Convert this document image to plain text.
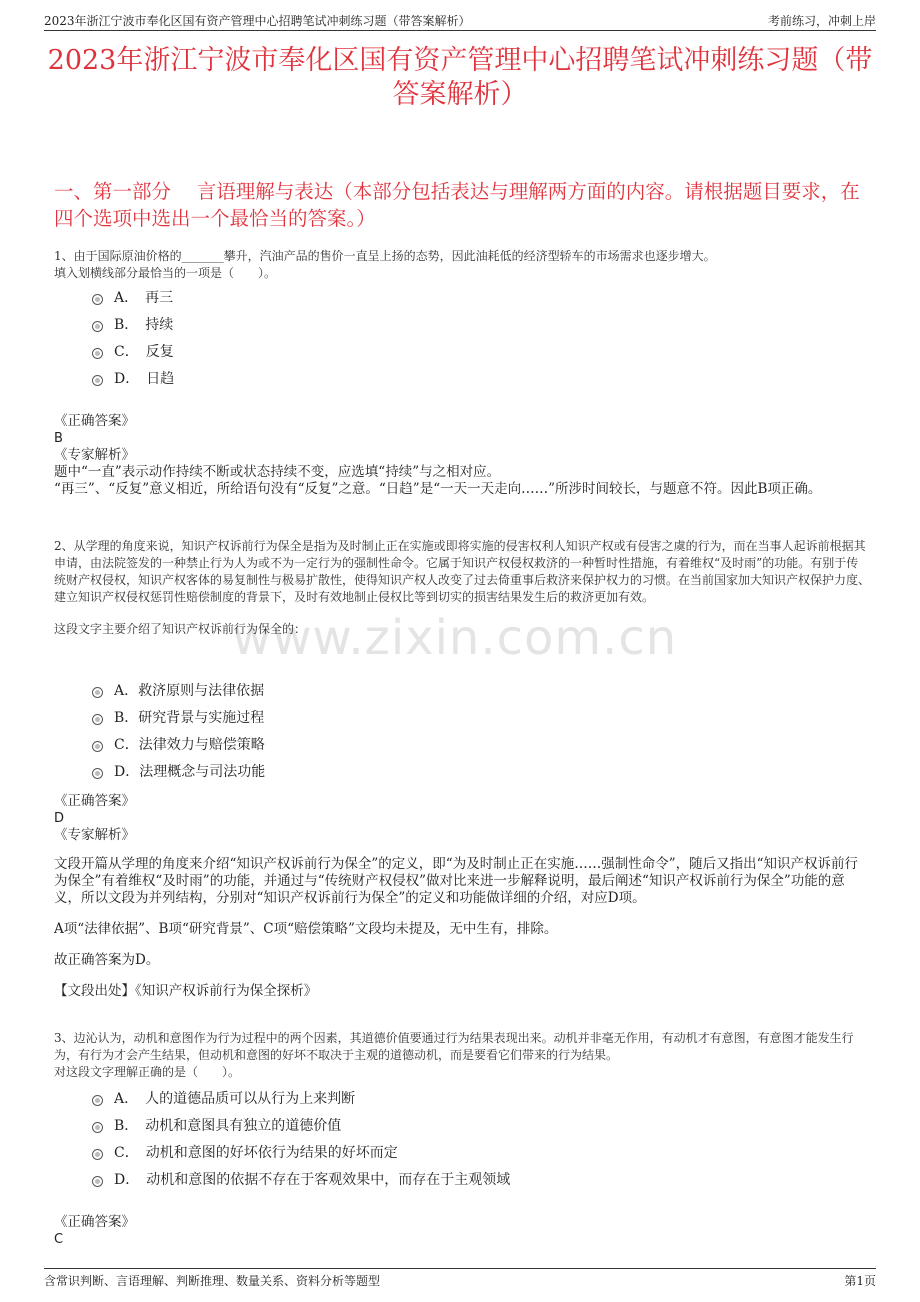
2023年浙江宁波市奉化区国有资产管理中心招聘笔试冲刺练习题（带答案解析）	考前练习，冲刺上岸
2023年浙江宁波市奉化区国有资产管理中心招聘笔试冲刺练习题（带答案解析）
一、第一部分　 言语理解与表达（本部分包括表达与理解两方面的内容。请根据题目要求，在四个选项中选出一个最恰当的答案。）
www.zixin.com.cn
1、由于国际原油价格的_______攀升，汽油产品的售价一直呈上扬的态势，因此油耗低的经济型轿车的市场需求也逐步增大。
填入划横线部分最恰当的一项是（　　）。
A．　再三
B．　持续
C．　反复
D．　日趋

《正确答案》

B

《专家解析》

题中“一直”表示动作持续不断或状态持续不变，应选填“持续”与之相对应。

“再三”、“反复”意义相近，所给语句没有“反复”之意。“日趋”是“一天一天走向……”所涉时间较长，与题意不符。因此B项正确。

2、从学理的角度来说，知识产权诉前行为保全是指为及时制止正在实施或即将实施的侵害权利人知识产权或有侵害之虞的行为，而在当事人起诉前根据其申请，由法院签发的一种禁止行为人为或不为一定行为的强制性命令。它属于知识产权侵权救济的一种暂时性措施，有着维权“及时雨”的功能。有别于传统财产权侵权，知识产权客体的易复制性与极易扩散性，使得知识产权人改变了过去倚重事后救济来保护权力的习惯。在当前国家加大知识产权保护力度、建立知识产权侵权惩罚性赔偿制度的背景下，及时有效地制止侵权比等到切实的损害结果发生后的救济更加有效。
这段文字主要介绍了知识产权诉前行为保全的：
A．救济原则与法律依据
B．研究背景与实施过程
C．法律效力与赔偿策略
D．法理概念与司法功能

《正确答案》

D

《专家解析》

文段开篇从学理的角度来介绍“知识产权诉前行为保全”的定义，即“为及时制止正在实施……强制性命令”，随后又指出“知识产权诉前行为保全”有着维权“及时雨”的功能，并通过与“传统财产权侵权”做对比来进一步解释说明，最后阐述“知识产权诉前行为保全”功能的意义，所以文段为并列结构，分别对“知识产权诉前行为保全”的定义和功能做详细的介绍，对应D项。

A项“法律依据”、B项“研究背景”、C项“赔偿策略”文段均未提及，无中生有，排除。

故正确答案为D。

【文段出处】《知识产权诉前行为保全探析》

3、边沁认为，动机和意图作为行为过程中的两个因素，其道德价值要通过行为结果表现出来。动机并非毫无作用，有动机才有意图，有意图才能发生行为，有行为才会产生结果，但动机和意图的好坏不取决于主观的道德动机，而是要看它们带来的行为结果。
对这段文字理解正确的是（　　）。
A．　人的道德品质可以从行为上来判断
B．　动机和意图具有独立的道德价值
C．　动机和意图的好坏依行为结果的好坏而定
D．　动机和意图的依据不存在于客观效果中，而存在于主观领域

《正确答案》

C

含常识判断、言语理解、判断推理、数量关系、资料分析等题型	第1页
